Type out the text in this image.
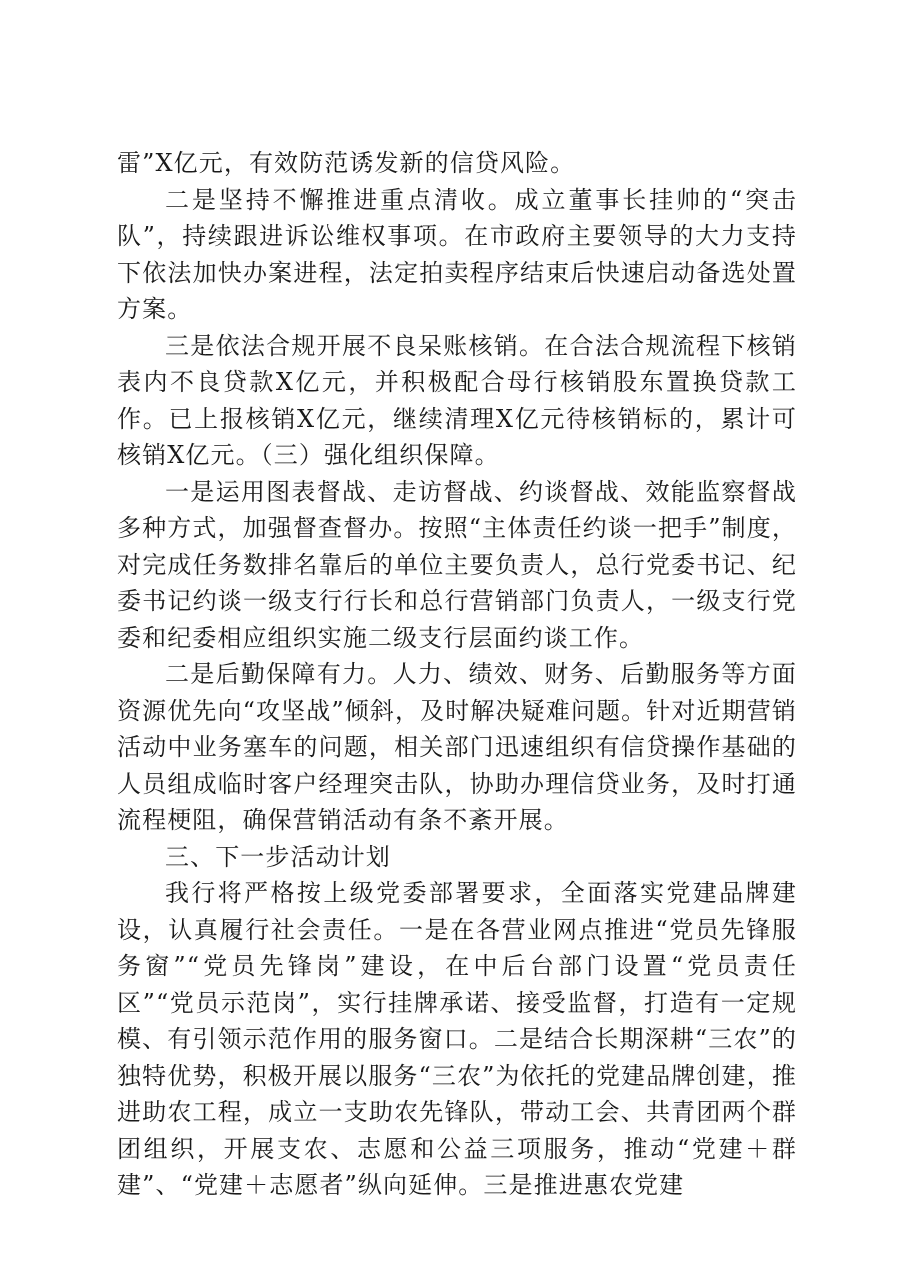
雷”X亿元，有效防范诱发新的信贷风险。

二是坚持不懈推进重点清收。成立董事长挂帅的“突击队”，持续跟进诉讼维权事项。在市政府主要领导的大力支持下依法加快办案进程，法定拍卖程序结束后快速启动备选处置方案。

三是依法合规开展不良呆账核销。在合法合规流程下核销表内不良贷款X亿元，并积极配合母行核销股东置换贷款工作。已上报核销X亿元，继续清理X亿元待核销标的，累计可核销X亿元。（三）强化组织保障。

一是运用图表督战、走访督战、约谈督战、效能监察督战多种方式，加强督查督办。按照“主体责任约谈一把手”制度，对完成任务数排名靠后的单位主要负责人，总行党委书记、纪委书记约谈一级支行行长和总行营销部门负责人，一级支行党委和纪委相应组织实施二级支行层面约谈工作。

二是后勤保障有力。人力、绩效、财务、后勤服务等方面资源优先向“攻坚战”倾斜，及时解决疑难问题。针对近期营销活动中业务塞车的问题，相关部门迅速组织有信贷操作基础的人员组成临时客户经理突击队，协助办理信贷业务，及时打通流程梗阻，确保营销活动有条不紊开展。

三、下一步活动计划

我行将严格按上级党委部署要求，全面落实党建品牌建设，认真履行社会责任。一是在各营业网点推进“党员先锋服务窗”“党员先锋岗”建设，在中后台部门设置“党员责任区”“党员示范岗”，实行挂牌承诺、接受监督，打造有一定规模、有引领示范作用的服务窗口。二是结合长期深耕“三农”的独特优势，积极开展以服务“三农”为依托的党建品牌创建，推进助农工程，成立一支助农先锋队，带动工会、共青团两个群团组织，开展支农、志愿和公益三项服务，推动“党建＋群建”、“党建＋志愿者”纵向延伸。三是推进惠农党建
